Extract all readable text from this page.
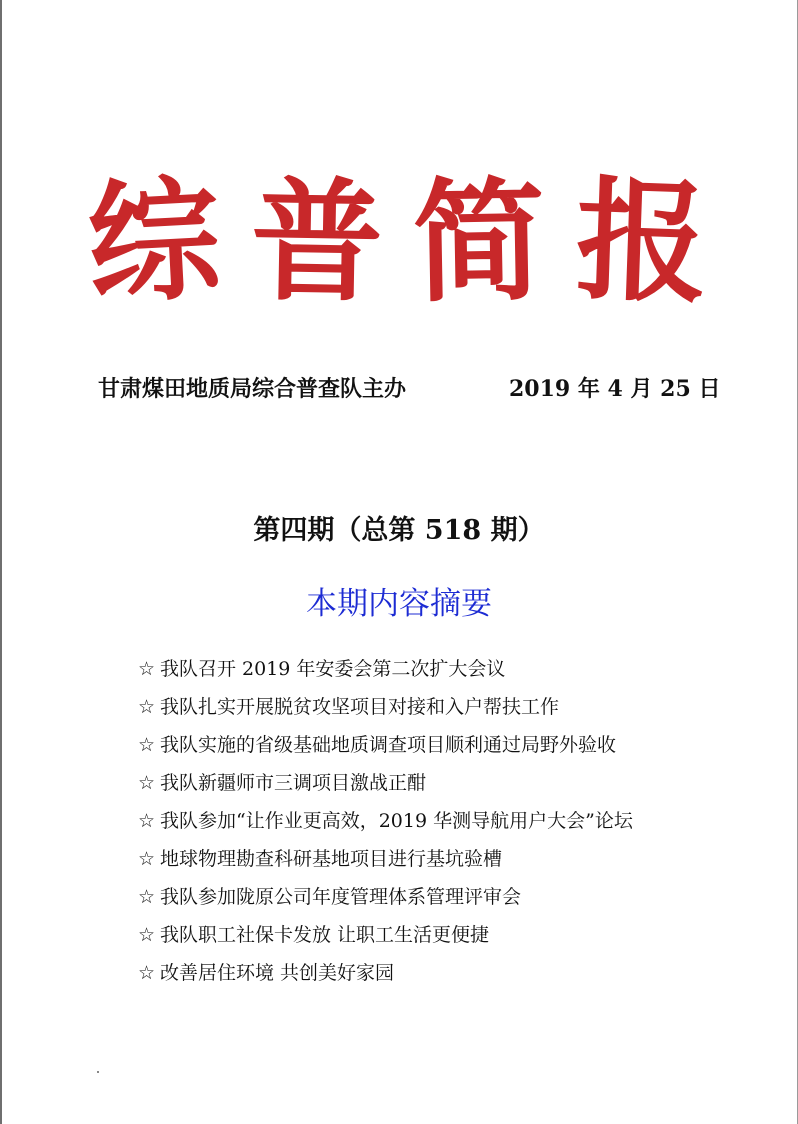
综 普 简 报
甘肃煤田地质局综合普查队主办	2019 年 4 月 25 日
第四期（总第 518 期）
本期内容摘要
☆ 我队召开 2019 年安委会第二次扩大会议
☆ 我队扎实开展脱贫攻坚项目对接和入户帮扶工作
☆ 我队实施的省级基础地质调查项目顺利通过局野外验收
☆ 我队新疆师市三调项目激战正酣
☆ 我队参加“让作业更高效，2019 华测导航用户大会”论坛
☆ 地球物理勘查科研基地项目进行基坑验槽
☆ 我队参加陇原公司年度管理体系管理评审会
☆ 我队职工社保卡发放 让职工生活更便捷
☆ 改善居住环境 共创美好家园
